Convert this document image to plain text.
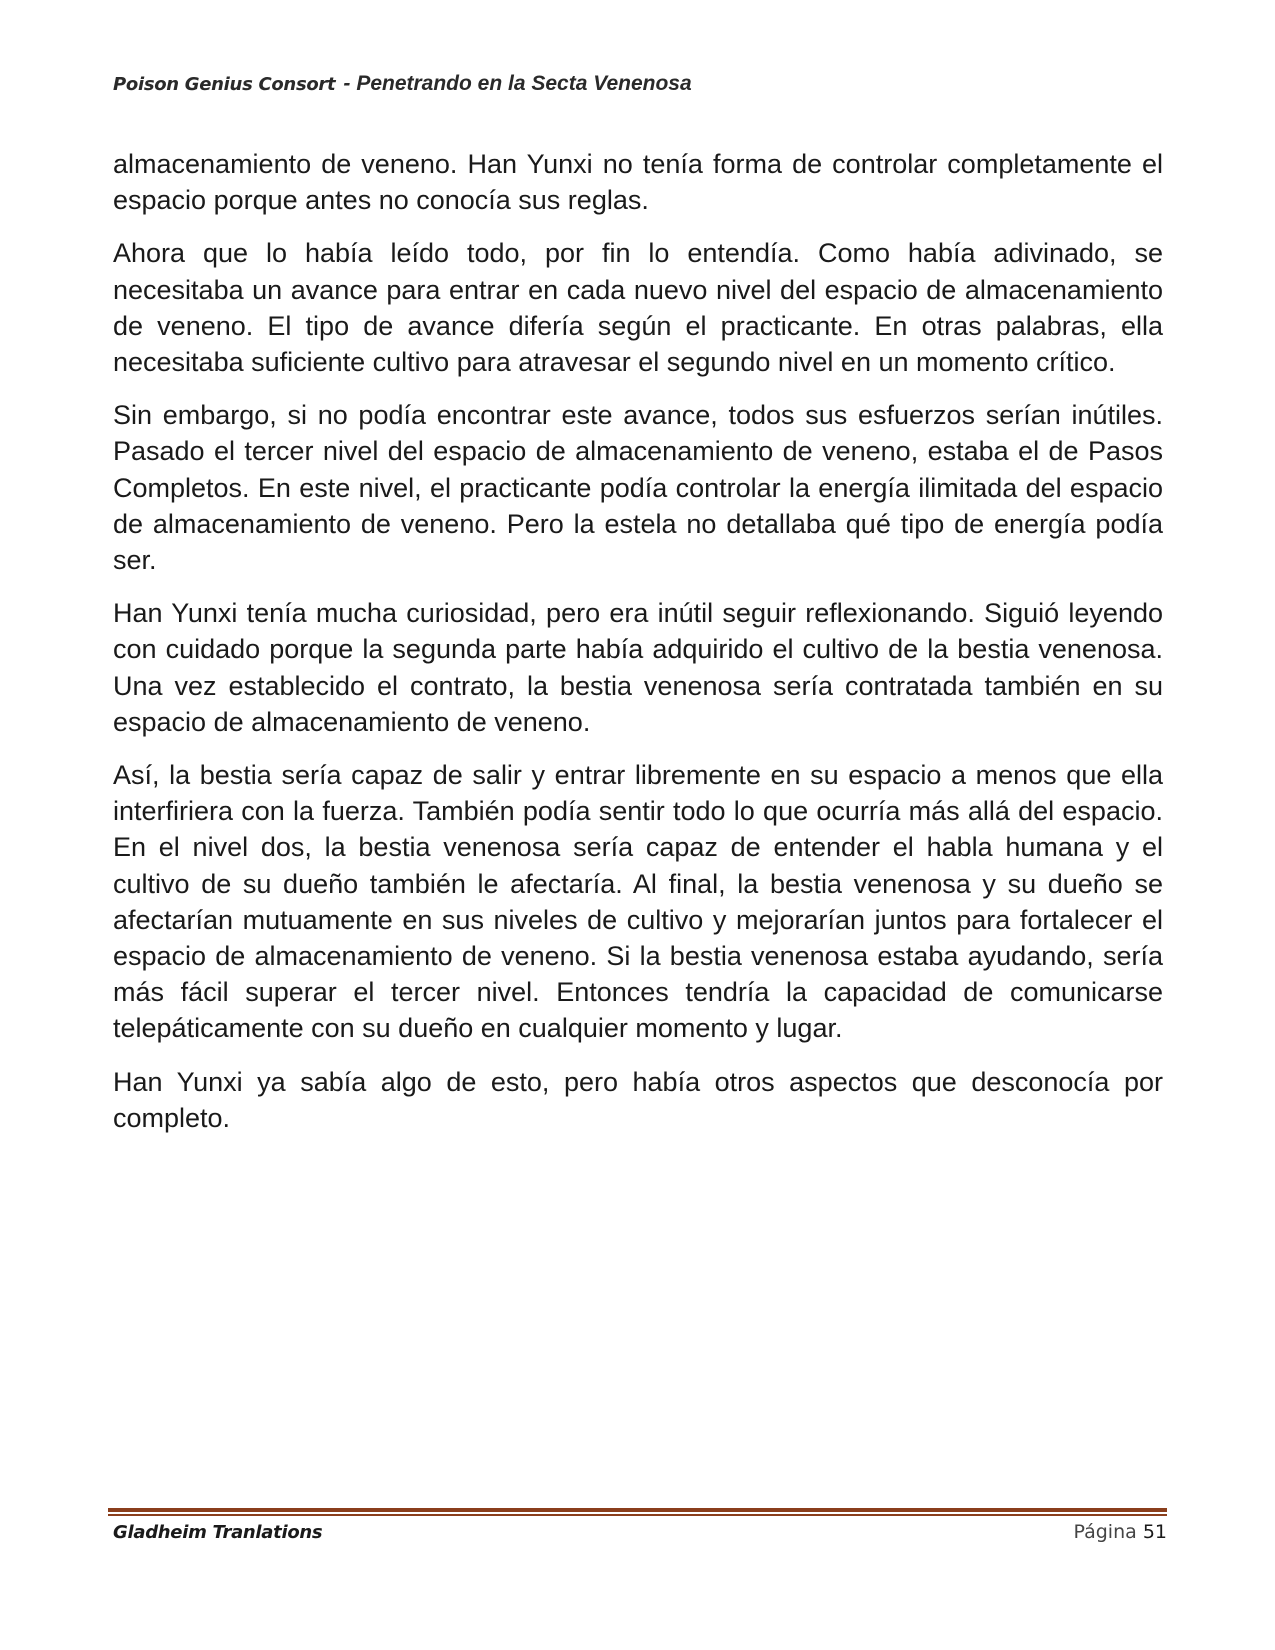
Poison Genius Consort - Penetrando en la Secta Venenosa

almacenamiento de veneno. Han Yunxi no tenía forma de controlar completamente el espacio porque antes no conocía sus reglas.

Ahora que lo había leído todo, por fin lo entendía. Como había adivinado, se necesitaba un avance para entrar en cada nuevo nivel del espacio de almacenamiento de veneno. El tipo de avance difería según el practicante. En otras palabras, ella necesitaba suficiente cultivo para atravesar el segundo nivel en un momento crítico.

Sin embargo, si no podía encontrar este avance, todos sus esfuerzos serían inútiles. Pasado el tercer nivel del espacio de almacenamiento de veneno, estaba el de Pasos Completos. En este nivel, el practicante podía controlar la energía ilimitada del espacio de almacenamiento de veneno. Pero la estela no detallaba qué tipo de energía podía ser.

Han Yunxi tenía mucha curiosidad, pero era inútil seguir reflexionando. Siguió leyendo con cuidado porque la segunda parte había adquirido el cultivo de la bestia venenosa. Una vez establecido el contrato, la bestia venenosa sería contratada también en su espacio de almacenamiento de veneno.

Así, la bestia sería capaz de salir y entrar libremente en su espacio a menos que ella interfiriera con la fuerza. También podía sentir todo lo que ocurría más allá del espacio. En el nivel dos, la bestia venenosa sería capaz de entender el habla humana y el cultivo de su dueño también le afectaría. Al final, la bestia venenosa y su dueño se afectarían mutuamente en sus niveles de cultivo y mejorarían juntos para fortalecer el espacio de almacenamiento de veneno. Si la bestia venenosa estaba ayudando, sería más fácil superar el tercer nivel. Entonces tendría la capacidad de comunicarse telepáticamente con su dueño en cualquier momento y lugar.

Han Yunxi ya sabía algo de esto, pero había otros aspectos que desconocía por completo.

Gladheim Tranlations	Página 51
